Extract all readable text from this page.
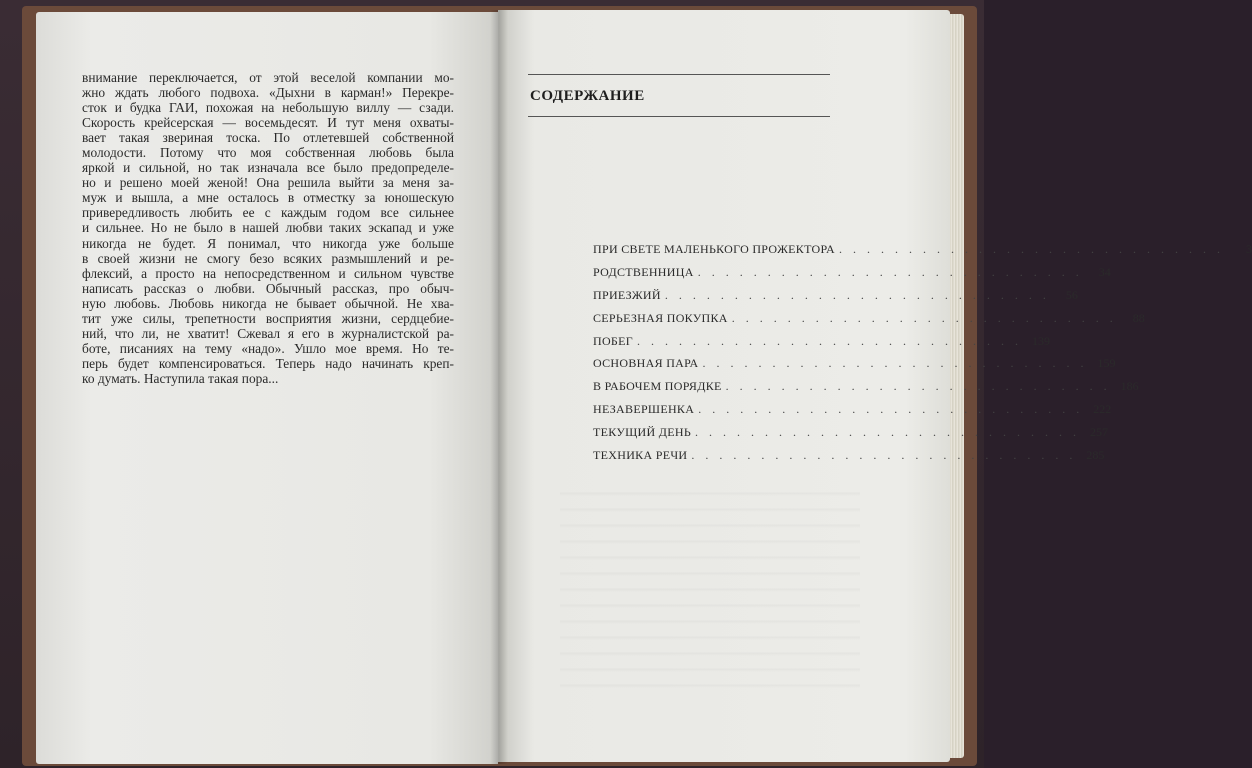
внимание переключается, от этой веселой компании мо-
жно ждать любого подвоха. «Дыхни в карман!» Перекре-
сток и будка ГАИ, похожая на небольшую виллу — сзади.
Скорость крейсерская — восемьдесят. И тут меня охваты-
вает такая звериная тоска. По отлетевшей собственной
молодости. Потому что моя собственная любовь была
яркой и сильной, но так изначала все было предопределе-
но и решено моей женой! Она решила выйти за меня за-
муж и вышла, а мне осталось в отместку за юношескую
привередливость любить ее с каждым годом все сильнее
и сильнее. Но не было в нашей любви таких эскапад и уже
никогда не будет. Я понимал, что никогда уже больше
в своей жизни не смогу безо всяких размышлений и ре-
флексий, а просто на непосредственном и сильном чувстве
написать рассказ о любви. Обычный рассказ, про обыч-
ную любовь. Любовь никогда не бывает обычной. Не хва-
тит уже силы, трепетности восприятия жизни, сердцебие-
ний, что ли, не хватит! Сжевал я его в журналистской ра-
боте, писаниях на тему «надо». Ушло мое время. Но те-
перь будет компенсироваться. Теперь надо начинать креп-
ко думать. Наступила такая пора...
СОДЕРЖАНИЕ
ПРИ СВЕТЕ МАЛЕНЬКОГО ПРОЖЕКТОРА . . . . . . . . . . . . . . . . . . . . . . . . . . . .	3
РОДСТВЕННИЦА . . . . . . . . . . . . . . . . . . . . . . . . . . . .	34
ПРИЕЗЖИЙ . . . . . . . . . . . . . . . . . . . . . . . . . . . .	56
СЕРЬЕЗНАЯ ПОКУПКА . . . . . . . . . . . . . . . . . . . . . . . . . . . .	88
ПОБЕГ . . . . . . . . . . . . . . . . . . . . . . . . . . . . 139
ОСНОВНАЯ ПАРА . . . . . . . . . . . . . . . . . . . . . . . . . . . . 159
В РАБОЧЕМ ПОРЯДКЕ . . . . . . . . . . . . . . . . . . . . . . . . . . . . 186
НЕЗАВЕРШЕНКА . . . . . . . . . . . . . . . . . . . . . . . . . . . . 222
ТЕКУЩИЙ ДЕНЬ . . . . . . . . . . . . . . . . . . . . . . . . . . . . 257
ТЕХНИКА РЕЧИ . . . . . . . . . . . . . . . . . . . . . . . . . . . . 285
